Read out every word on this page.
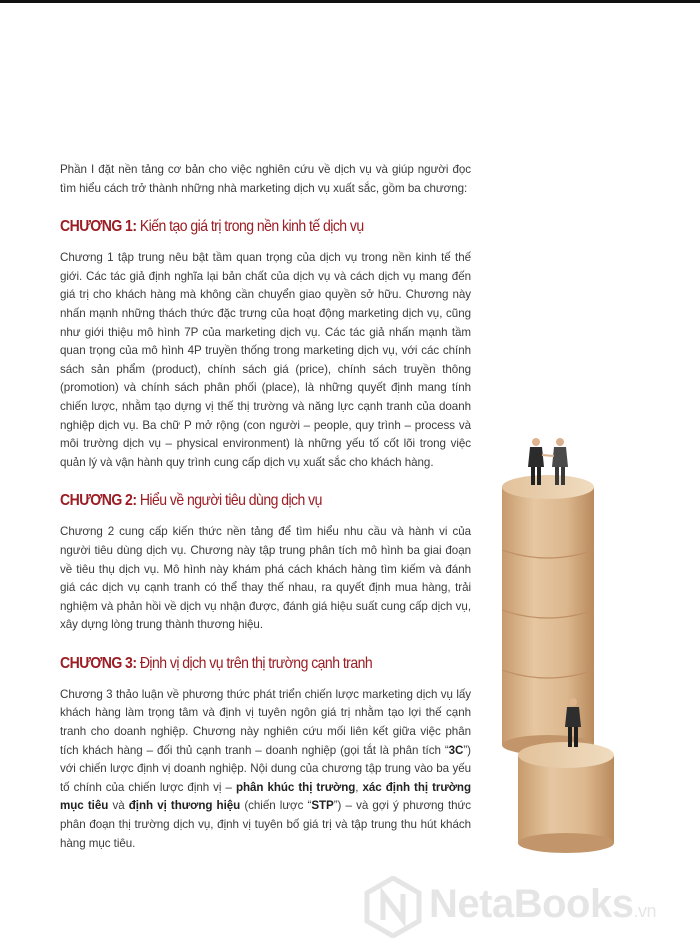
Phần I đặt nền tảng cơ bản cho việc nghiên cứu về dịch vụ và giúp người đọc tìm hiểu cách trở thành những nhà marketing dịch vụ xuất sắc, gồm ba chương:

CHƯƠNG 1: Kiến tạo giá trị trong nền kinh tế dịch vụ

Chương 1 tập trung nêu bật tầm quan trọng của dịch vụ trong nền kinh tế thế giới. Các tác giả định nghĩa lại bản chất của dịch vụ và cách dịch vụ mang đến giá trị cho khách hàng mà không cần chuyển giao quyền sở hữu. Chương này nhấn mạnh những thách thức đặc trưng của hoạt động marketing dịch vụ, cũng như giới thiệu mô hình 7P của marketing dịch vụ. Các tác giả nhấn mạnh tầm quan trọng của mô hình 4P truyền thống trong marketing dịch vụ, với các chính sách sản phẩm (product), chính sách giá (price), chính sách truyền thông (promotion) và chính sách phân phối (place), là những quyết định mang tính chiến lược, nhằm tạo dựng vị thế thị trường và năng lực cạnh tranh của doanh nghiệp dịch vụ. Ba chữ P mở rộng (con người – people, quy trình – process và môi trường dịch vụ – physical environment) là những yếu tố cốt lõi trong việc quản lý và vận hành quy trình cung cấp dịch vụ xuất sắc cho khách hàng.

CHƯƠNG 2: Hiểu về người tiêu dùng dịch vụ

Chương 2 cung cấp kiến thức nền tảng để tìm hiểu nhu cầu và hành vi của người tiêu dùng dịch vụ. Chương này tập trung phân tích mô hình ba giai đoạn về tiêu thụ dịch vụ. Mô hình này khám phá cách khách hàng tìm kiếm và đánh giá các dịch vụ cạnh tranh có thể thay thế nhau, ra quyết định mua hàng, trải nghiệm và phản hồi về dịch vụ nhận được, đánh giá hiệu suất cung cấp dịch vụ, xây dựng lòng trung thành thương hiệu.

CHƯƠNG 3: Định vị dịch vụ trên thị trường cạnh tranh

Chương 3 thảo luận về phương thức phát triển chiến lược marketing dịch vụ lấy khách hàng làm trọng tâm và định vị tuyên ngôn giá trị nhằm tạo lợi thế cạnh tranh cho doanh nghiệp. Chương này nghiên cứu mối liên kết giữa việc phân tích khách hàng – đối thủ cạnh tranh – doanh nghiệp (gọi tắt là phân tích “3C”) với chiến lược định vị doanh nghiệp. Nội dung của chương tập trung vào ba yếu tố chính của chiến lược định vị – phân khúc thị trường, xác định thị trường mục tiêu và định vị thương hiệu (chiến lược “STP”) – và gợi ý phương thức phân đoạn thị trường dịch vụ, định vị tuyên bố giá trị và tập trung thu hút khách hàng mục tiêu.

NetaBooks.vn
